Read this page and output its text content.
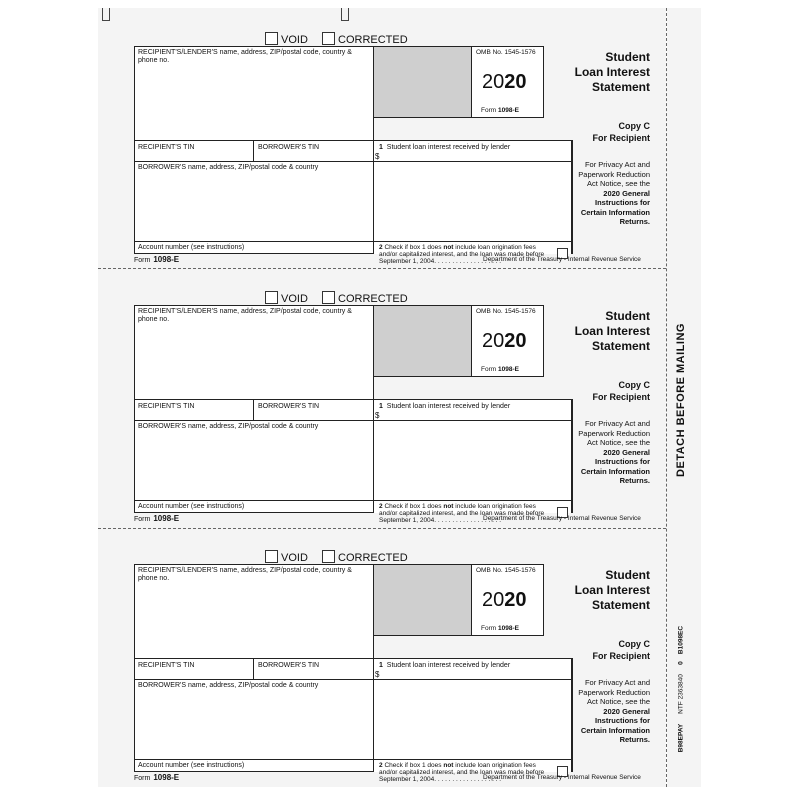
VOID	CORRECTED
RECIPIENT'S/LENDER'S name, address, ZIP/postal code, country & phone no.
OMB No. 1545-1576
2020
Form 1098-E
Student
Loan Interest
Statement
RECIPIENT'S TIN	BORROWER'S TIN	1 Student loan interest received by lender
$
Copy C
For Recipient
BORROWER'S name, address, ZIP/postal code & country
Account number (see instructions)	2 Check if box 1 does not include loan origination fees and/or capitalized interest, and the loan was made before September 1, 2004. . . . . . . . . . . . . . . . . . .
For Privacy Act and
Paperwork Reduction
Act Notice, see the
2020 General
Instructions for
Certain Information
Returns.
Form 1098-E	Department of the Treasury - Internal Revenue Service
VOID	CORRECTED
RECIPIENT'S/LENDER'S name, address, ZIP/postal code, country & phone no.
OMB No. 1545-1576
2020
Form 1098-E
Student
Loan Interest
Statement
RECIPIENT'S TIN	BORROWER'S TIN	1 Student loan interest received by lender
$
Copy C
For Recipient
BORROWER'S name, address, ZIP/postal code & country
Account number (see instructions)	2 Check if box 1 does not include loan origination fees and/or capitalized interest, and the loan was made before September 1, 2004. . . . . . . . . . . . . . . . . . .
For Privacy Act and
Paperwork Reduction
Act Notice, see the
2020 General
Instructions for
Certain Information
Returns.
Form 1098-E	Department of the Treasury - Internal Revenue Service
VOID	CORRECTED
RECIPIENT'S/LENDER'S name, address, ZIP/postal code, country & phone no.
OMB No. 1545-1576
2020
Form 1098-E
Student
Loan Interest
Statement
RECIPIENT'S TIN	BORROWER'S TIN	1 Student loan interest received by lender
$
Copy C
For Recipient
BORROWER'S name, address, ZIP/postal code & country
Account number (see instructions)	2 Check if box 1 does not include loan origination fees and/or capitalized interest, and the loan was made before September 1, 2004. . . . . . . . . . . . . . . . . . .
For Privacy Act and
Paperwork Reduction
Act Notice, see the
2020 General
Instructions for
Certain Information
Returns.
Form 1098-E	Department of the Treasury - Internal Revenue Service
DETACH BEFORE MAILING
B1098EC
0
NTF 2363840
B98EPAY
